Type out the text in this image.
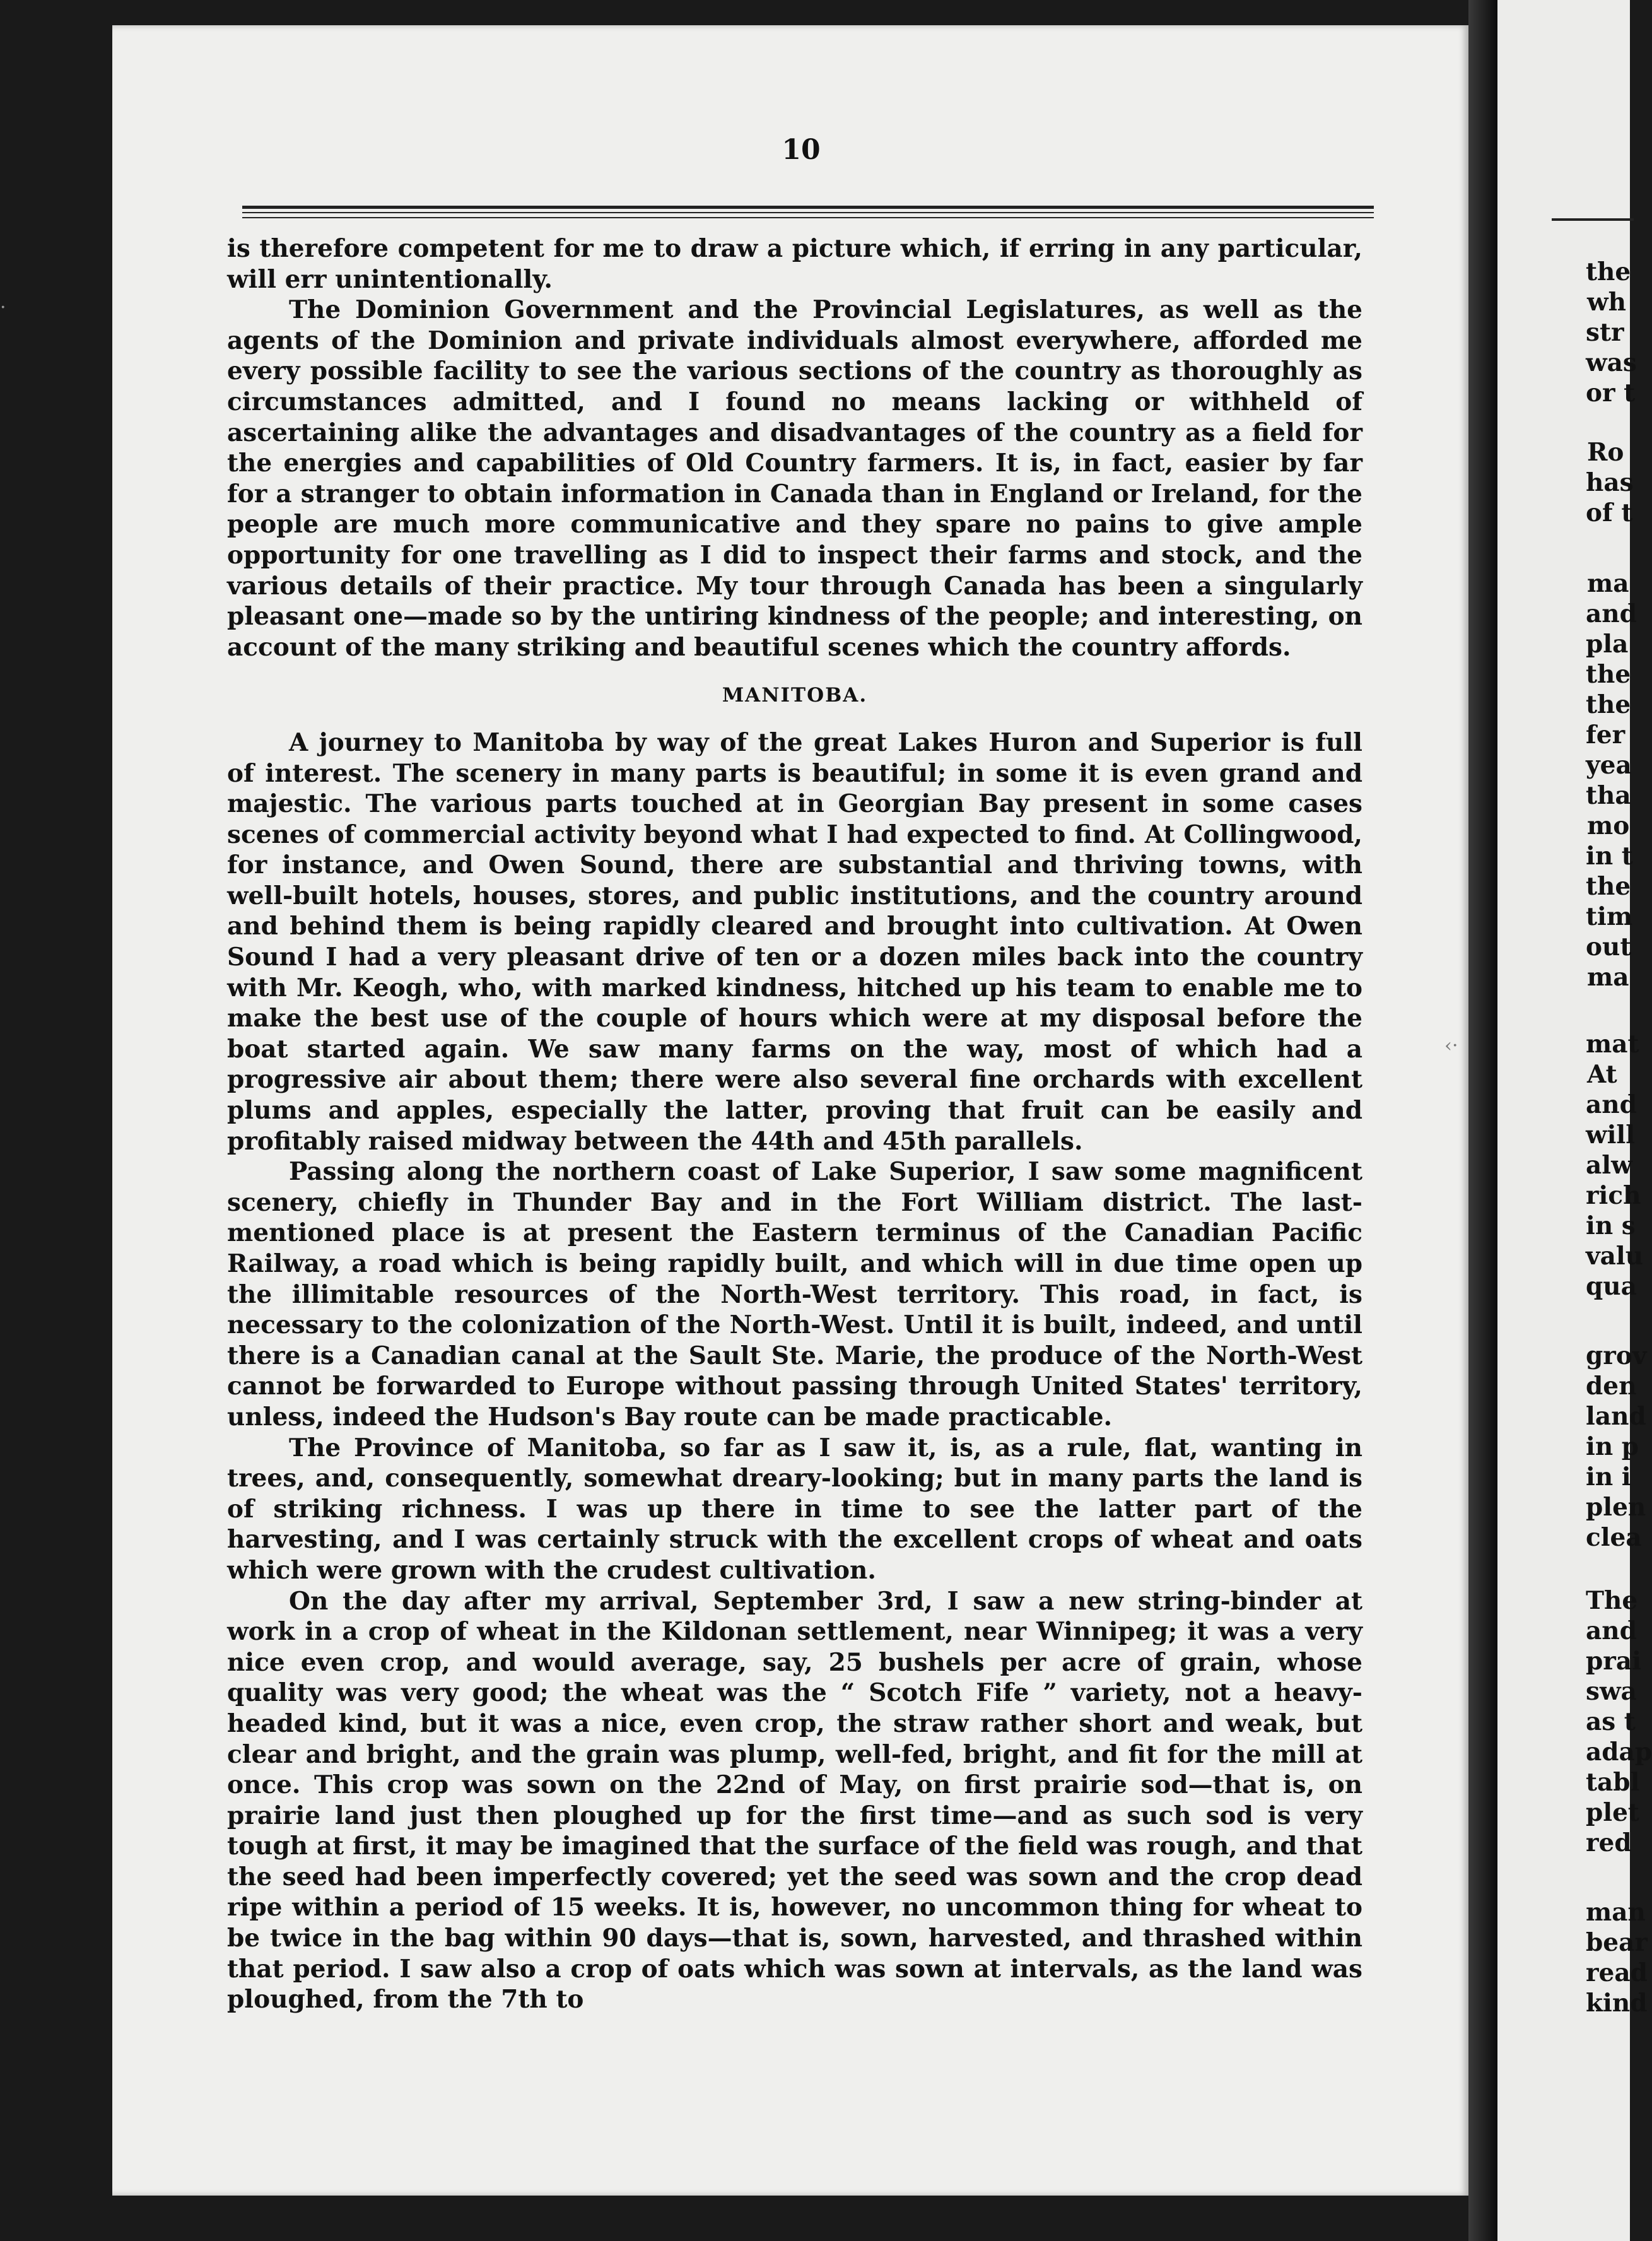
the
wh
str
was
or t
Ro
has
of t
ma
and
pla
the
the
fer
yea
tha
mo
in t
the
tim
out
ma
mat
At
and
will
alw
rich
in s
valu
qua
grov
den
land
in p
in i
plen
clea
The
and
prai
swa
as t
adap
tabl
plet
red
man
bear
read
kind
‹·
·
10

is therefore competent for me to draw a picture which, if erring in any particular, will err unintentionally.

The Dominion Government and the Provincial Legislatures, as well as the agents of the Dominion and private individuals almost everywhere, afforded me every possible facility to see the various sections of the country as thoroughly as circumstances admitted, and I found no means lacking or withheld of ascertaining alike the advantages and disadvantages of the country as a field for the energies and capabilities of Old Country farmers. It is, in fact, easier by far for a stranger to obtain information in Canada than in England or Ireland, for the people are much more communicative and they spare no pains to give ample opportunity for one travelling as I did to inspect their farms and stock, and the various details of their practice. My tour through Canada has been a singularly pleasant one—made so by the untiring kindness of the people; and interesting, on account of the many striking and beautiful scenes which the country affords.

MANITOBA.

A journey to Manitoba by way of the great Lakes Huron and Superior is full of interest. The scenery in many parts is beautiful; in some it is even grand and majestic. The various parts touched at in Georgian Bay present in some cases scenes of commercial activity beyond what I had expected to find. At Collingwood, for instance, and Owen Sound, there are substantial and thriving towns, with well-built hotels, houses, stores, and public institutions, and the country around and behind them is being rapidly cleared and brought into cultivation. At Owen Sound I had a very pleasant drive of ten or a dozen miles back into the country with Mr. Keogh, who, with marked kindness, hitched up his team to enable me to make the best use of the couple of hours which were at my disposal before the boat started again. We saw many farms on the way, most of which had a progressive air about them; there were also several fine orchards with excellent plums and apples, especially the latter, proving that fruit can be easily and profitably raised midway between the 44th and 45th parallels.

Passing along the northern coast of Lake Superior, I saw some magnificent scenery, chiefly in Thunder Bay and in the Fort William district. The last-mentioned place is at present the Eastern terminus of the Canadian Pacific Railway, a road which is being rapidly built, and which will in due time open up the illimitable resources of the North-West territory. This road, in fact, is necessary to the colonization of the North-West. Until it is built, indeed, and until there is a Canadian canal at the Sault Ste. Marie, the produce of the North-West cannot be forwarded to Europe without passing through United States' territory, unless, indeed the Hudson's Bay route can be made practicable.

The Province of Manitoba, so far as I saw it, is, as a rule, flat, wanting in trees, and, consequently, somewhat dreary-looking; but in many parts the land is of striking richness. I was up there in time to see the latter part of the harvesting, and I was certainly struck with the excellent crops of wheat and oats which were grown with the crudest cultivation.

On the day after my arrival, September 3rd, I saw a new string-binder at work in a crop of wheat in the Kildonan settlement, near Winnipeg; it was a very nice even crop, and would average, say, 25 bushels per acre of grain, whose quality was very good; the wheat was the “ Scotch Fife ” variety, not a heavy-headed kind, but it was a nice, even crop, the straw rather short and weak, but clear and bright, and the grain was plump, well-fed, bright, and fit for the mill at once. This crop was sown on the 22nd of May, on first prairie sod—that is, on prairie land just then ploughed up for the first time—and as such sod is very tough at first, it may be imagined that the surface of the field was rough, and that the seed had been imperfectly covered; yet the seed was sown and the crop dead ripe within a period of 15 weeks. It is, however, no uncommon thing for wheat to be twice in the bag within 90 days—that is, sown, harvested, and thrashed within that period. I saw also a crop of oats which was sown at intervals, as the land was ploughed, from the 7th to
